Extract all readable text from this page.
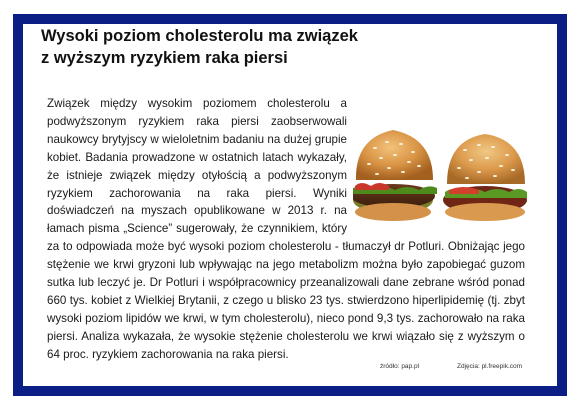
Wysoki poziom cholesterolu ma związek
z wyższym ryzykiem raka piersi

Związek między wysokim poziomem cholesterolu a podwyższonym ryzykiem raka piersi zaobserwowali naukowcy brytyjscy w wieloletnim badaniu na dużej grupie kobiet. Badania prowadzone w ostatnich latach wykazały, że istnieje związek między otyłością a podwyższonym ryzykiem zachorowania na raka piersi. Wyniki doświadczeń na myszach opublikowane w 2013 r. na łamach pisma „Science” sugerowały, że czynnikiem, który za to odpowiada może być wysoki poziom cholesterolu - tłumaczył dr Potluri. Obniżając jego stężenie we krwi gryzoni lub wpływając na jego metabolizm można było zapobiegać guzom sutka lub leczyć je. Dr Potluri i współpracownicy przeanalizowali dane zebrane wśród ponad 660 tys. kobiet z Wielkiej Brytanii, z czego u blisko 23 tys. stwierdzono hiperlipidemię (tj. zbyt wysoki poziom lipidów we krwi, w tym cholesterolu), nieco pond 9,3 tys. zachorowało na raka piersi. Analiza wykazała, że wysokie stężenie cholesterolu we krwi wiązało się z wyższym o 64 proc. ryzykiem zachorowania na raka piersi.

źródło: pap.pl	Zdjęcia: pl.freepik.com
